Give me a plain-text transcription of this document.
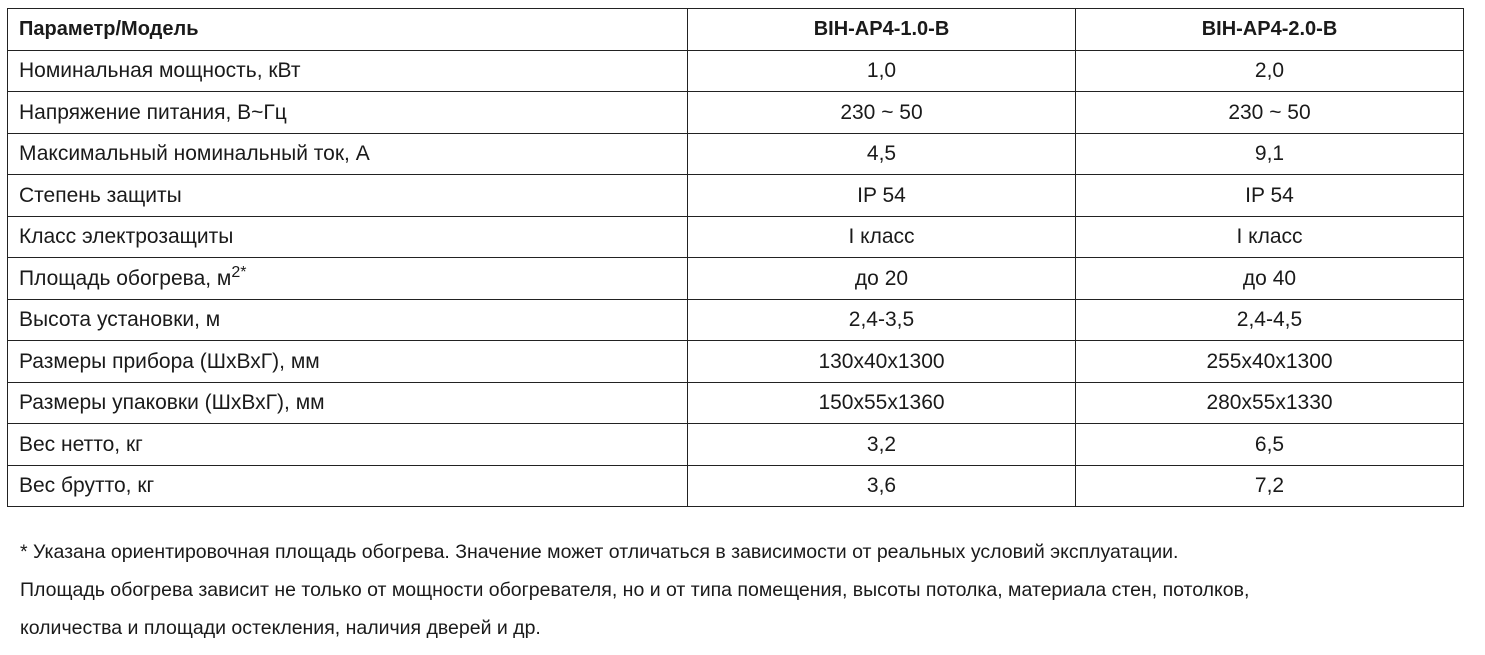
Параметр/Модель	BIH-AP4-1.0-B	BIH-AP4-2.0-B
Номинальная мощность, кВт	1,0	2,0
Напряжение питания, В~Гц	230 ~ 50	230 ~ 50
Максимальный номинальный ток, А	4,5	9,1
Степень защиты	IP 54	IP 54
Класс электрозащиты	I класс	I класс
Площадь обогрева, м$^{2*}$	до 20	до 40
Высота установки, м	2,4-3,5	2,4-4,5
Размеры прибора (ШхВхГ), мм	130x40x1300	255x40x1300
Размеры упаковки (ШхВхГ), мм	150x55x1360	280x55x1330
Вес нетто, кг	3,2	6,5
Вес брутто, кг	3,6	7,2

* Указана ориентировочная площадь обогрева. Значение может отличаться в зависимости от реальных условий эксплуатации.

Площадь обогрева зависит не только от мощности обогревателя, но и от типа помещения, высоты потолка, материала стен, потолков,

количества и площади остекления, наличия дверей и др.
